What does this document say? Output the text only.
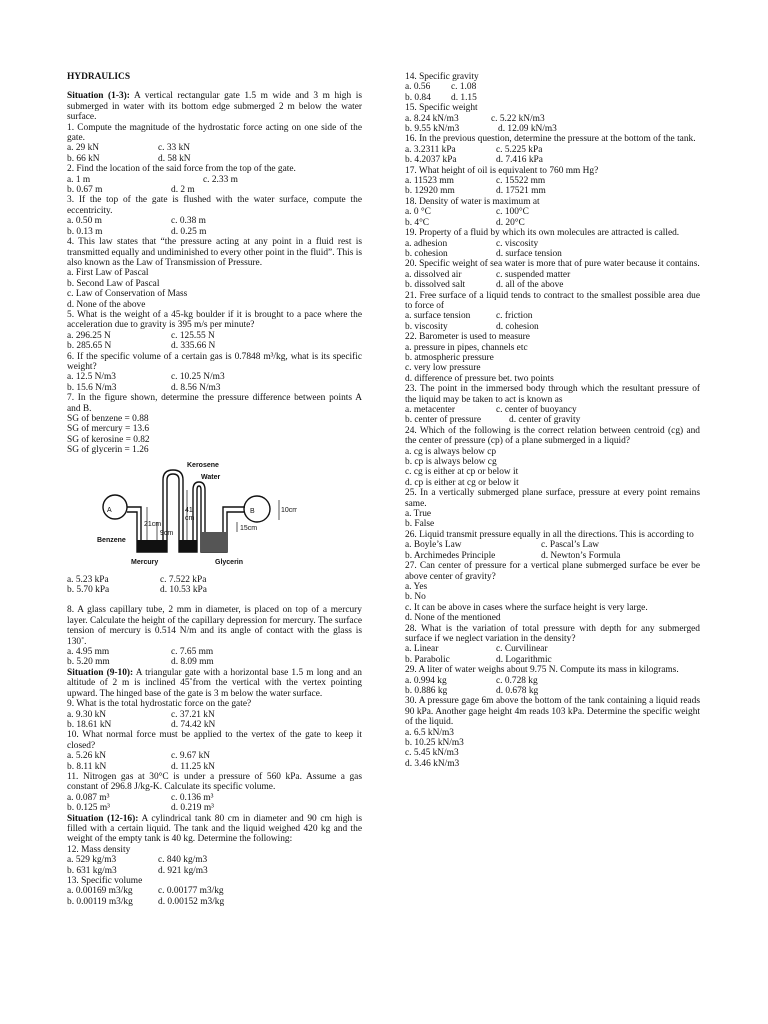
HYDRAULICS

Situation (1-3): A vertical rectangular gate 1.5 m wide and 3 m high is submerged in water with its bottom edge submerged 2 m below the water surface.

1. Compute the magnitude of the hydrostatic force acting on one side of the gate.

a. 29 kN	c. 33 kN
b. 66 kN	d. 58 kN

2. Find the location of the said force from the top of the gate.

a. 1 m	c. 2.33 m
b. 0.67 m	d. 2 m

3. If the top of the gate is flushed with the water surface, compute the eccentricity.

a. 0.50 m	c. 0.38 m
b. 0.13 m	d. 0.25 m

4. This law states that “the pressure acting at any point in a fluid rest is transmitted equally and undiminished to every other point in the fluid”. This is also known as the Law of Transmission of Pressure.

a. First Law of Pascal

b. Second Law of Pascal

c. Law of Conservation of Mass

d. None of the above

5. What is the weight of a 45-kg boulder if it is brought to a pace where the acceleration due to gravity is 395 m/s per minute?

a. 296.25 N	c. 125.55 N
b. 285.65 N	d. 335.66 N

6. If the specific volume of a certain gas is 0.7848 m³/kg, what is its specific weight?

a. 12.5 N/m3	c. 10.25 N/m3
b. 15.6 N/m3	d. 8.56 N/m3

7. In the figure shown, determine the pressure difference between points A and B.

SG of benzene = 0.88

SG of mercury = 13.6

SG of kerosine = 0.82

SG of glycerin = 1.26

Kerosene
Water
Benzene
Mercury	Glycerin
A	B
21cm
9cm
41
cm
15cm
10cm
a. 5.23 kPa	c. 7.522 kPa
b. 5.70 kPa	d. 10.53 kPa

8. A glass capillary tube, 2 mm in diameter, is placed on top of a mercury layer. Calculate the height of the capillary depression for mercury. The surface tension of mercury is 0.514 N/m and its angle of contact with the glass is 130˚.

a. 4.95 mm	c. 7.65 mm
b. 5.20 mm	d. 8.09 mm

Situation (9-10): A triangular gate with a horizontal base 1.5 m long and an altitude of 2 m is inclined 45˚from the vertical with the vertex pointing upward. The hinged base of the gate is 3 m below the water surface.

9. What is the total hydrostatic force on the gate?

a. 9.30 kN	c. 37.21 kN
b. 18.61 kN	d. 74.42 kN

10. What normal force must be applied to the vertex of the gate to keep it closed?

a. 5.26 kN	c. 9.67 kN
b. 8.11 kN	d. 11.25 kN

11. Nitrogen gas at 30°C is under a pressure of 560 kPa. Assume a gas constant of 296.8 J/kg-K. Calculate its specific volume.

a. 0.087 m³	c. 0.136 m³
b. 0.125 m³	d. 0.219 m³

Situation (12-16): A cylindrical tank 80 cm in diameter and 90 cm high is filled with a certain liquid. The tank and the liquid weighed 420 kg and the weight of the empty tank is 40 kg. Determine the following:

12. Mass density

a. 529 kg/m3	c. 840 kg/m3
b. 631 kg/m3	d. 921 kg/m3

13. Specific volume

a. 0.00169 m3/kg	c. 0.00177 m3/kg
b. 0.00119 m3/kg	d. 0.00152 m3/kg

14. Specific gravity

a. 0.56	c. 1.08
b. 0.84	d. 1.15

15. Specific weight

a. 8.24 kN/m3	c. 5.22 kN/m3
b. 9.55 kN/m3	d. 12.09 kN/m3

16. In the previous question, determine the pressure at the bottom of the tank.

a. 3.2311 kPa	c. 5.225 kPa
b. 4.2037 kPa	d. 7.416 kPa

17. What height of oil is equivalent to 760 mm Hg?

a. 11523 mm	c. 15522 mm
b. 12920 mm	d. 17521 mm

18. Density of water is maximum at

a. 0 °C	c. 100°C
b. 4°C	d. 20°C

19. Property of a fluid by which its own molecules are attracted is called.

a. adhesion	c. viscosity
b. cohesion	d. surface tension

20. Specific weight of sea water is more that of pure water because it contains.

a. dissolved air	c. suspended matter
b. dissolved salt	d. all of the above

21. Free surface of a liquid tends to contract to the smallest possible area due to force of

a. surface tension	c. friction
b. viscosity	d. cohesion

22. Barometer is used to measure

a. pressure in pipes, channels etc

b. atmospheric pressure

c. very low pressure

d. difference of pressure bet. two points

23. The point in the immersed body through which the resultant pressure of the liquid may be taken to act is known as

a. metacenter	c. center of buoyancy
b. center of pressure	d. center of gravity

24. Which of the following is the correct relation between centroid (cg) and the center of pressure (cp) of a plane submerged in a liquid?

a. cg is always below cp

b. cp is always below cg

c. cg is either at cp or below it

d. cp is either at cg or below it

25. In a vertically submerged plane surface, pressure at every point remains same.

a. True

b. False

26. Liquid transmit pressure equally in all the directions. This is according to

a. Boyle’s Law	c. Pascal’s Law
b. Archimedes Principle	d. Newton’s Formula

27. Can center of pressure for a vertical plane submerged surface be ever be above center of gravity?

a. Yes

b. No

c. It can be above in cases where the surface height is very large.

d. None of the mentioned

28. What is the variation of total pressure with depth for any submerged surface if we neglect variation in the density?

a. Linear	c. Curvilinear
b. Parabolic	d. Logarithmic

29. A liter of water weighs about 9.75 N. Compute its mass in kilograms.

a. 0.994 kg	c. 0.728 kg
b. 0.886 kg	d. 0.678 kg

30. A pressure gage 6m above the bottom of the tank containing a liquid reads 90 kPa. Another gage height 4m reads 103 kPa. Determine the specific weight of the liquid.

a. 6.5 kN/m3

b. 10.25 kN/m3

c. 5.45 kN/m3

d. 3.46 kN/m3
